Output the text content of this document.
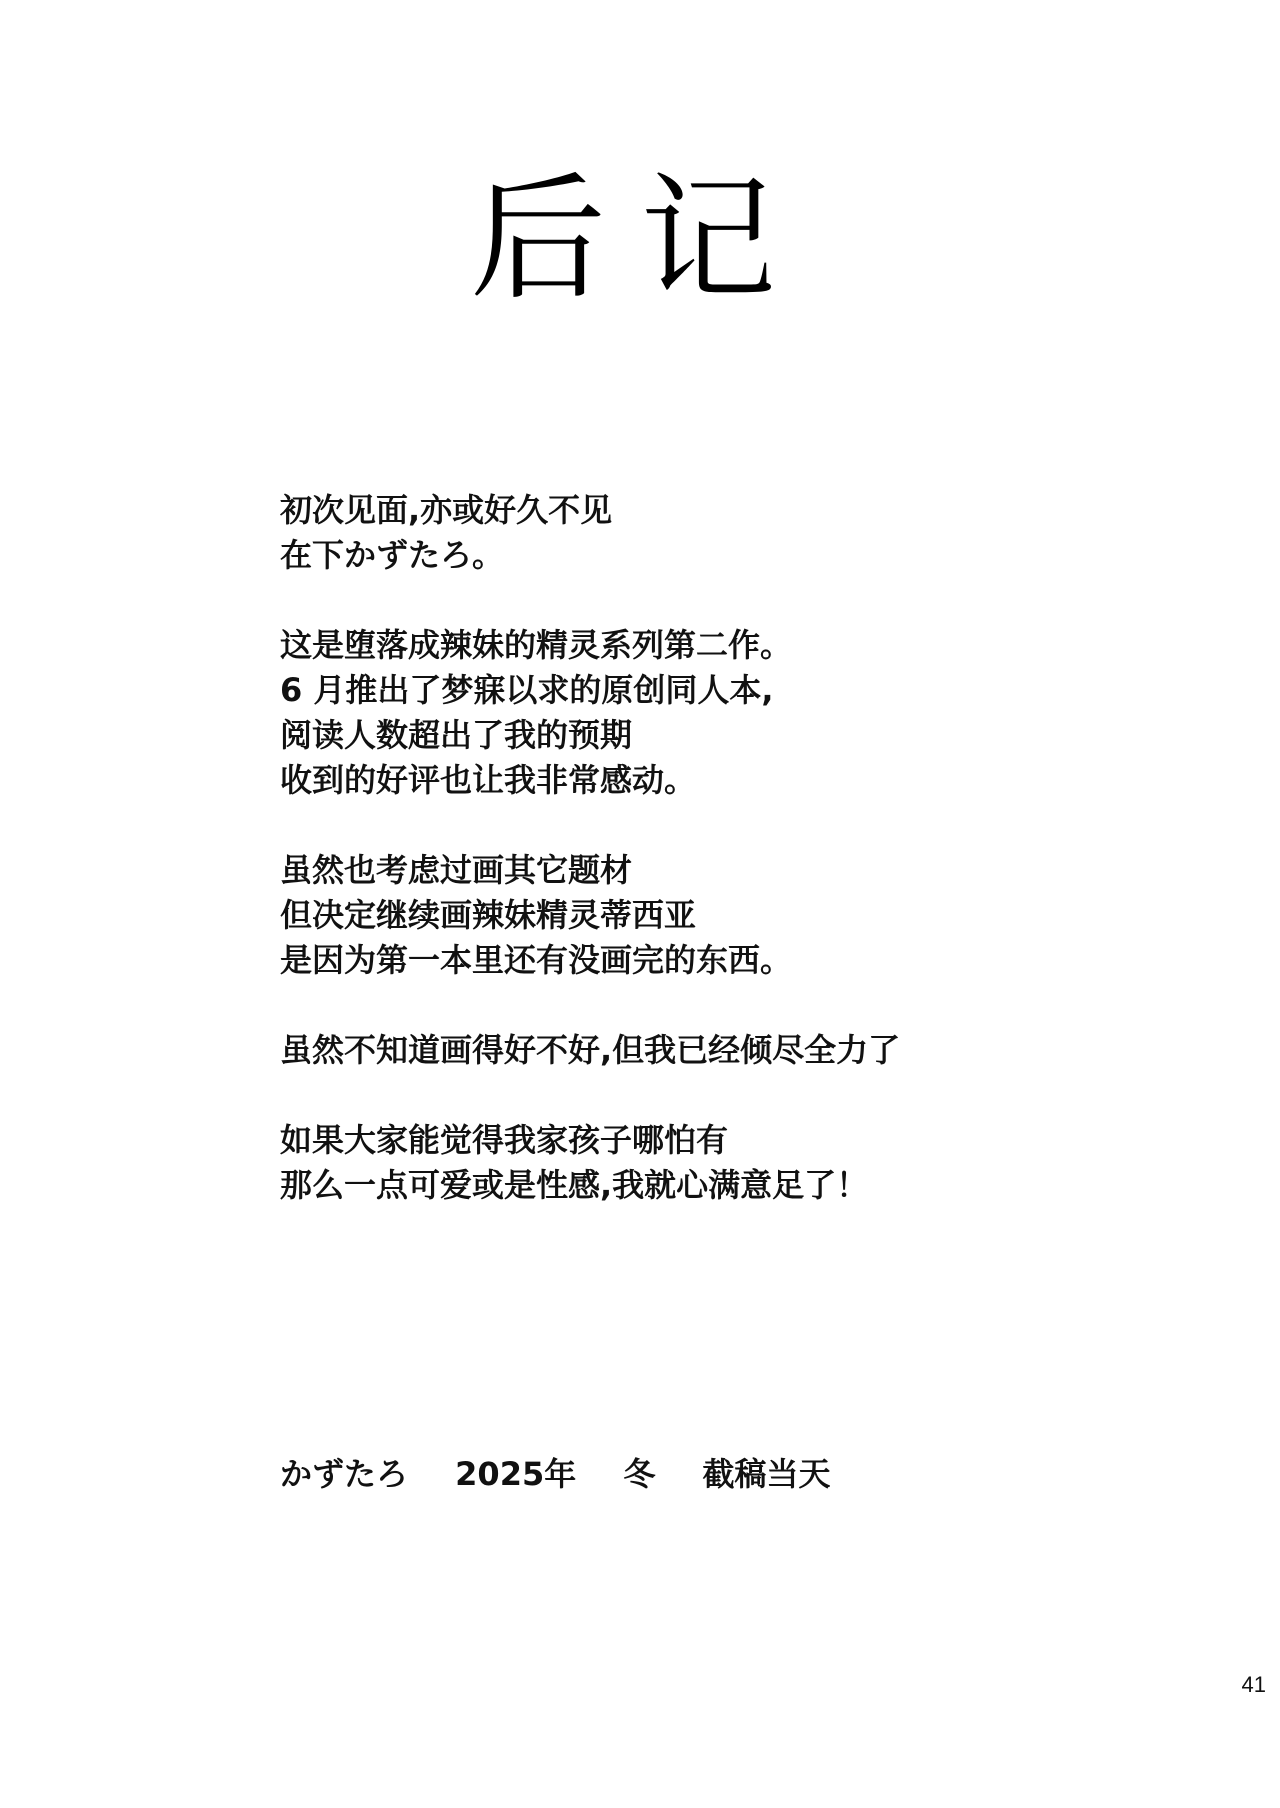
后记
初次见面,亦或好久不见
在下かずたろ。
这是堕落成辣妹的精灵系列第二作。
6 月推出了梦寐以求的原创同人本,
阅读人数超出了我的预期
收到的好评也让我非常感动。
虽然也考虑过画其它题材
但决定继续画辣妹精灵蒂西亚
是因为第一本里还有没画完的东西。
虽然不知道画得好不好,但我已经倾尽全力了
如果大家能觉得我家孩子哪怕有
那么一点可爱或是性感,我就心满意足了！
かずたろ 2025年 冬 截稿当天
41
